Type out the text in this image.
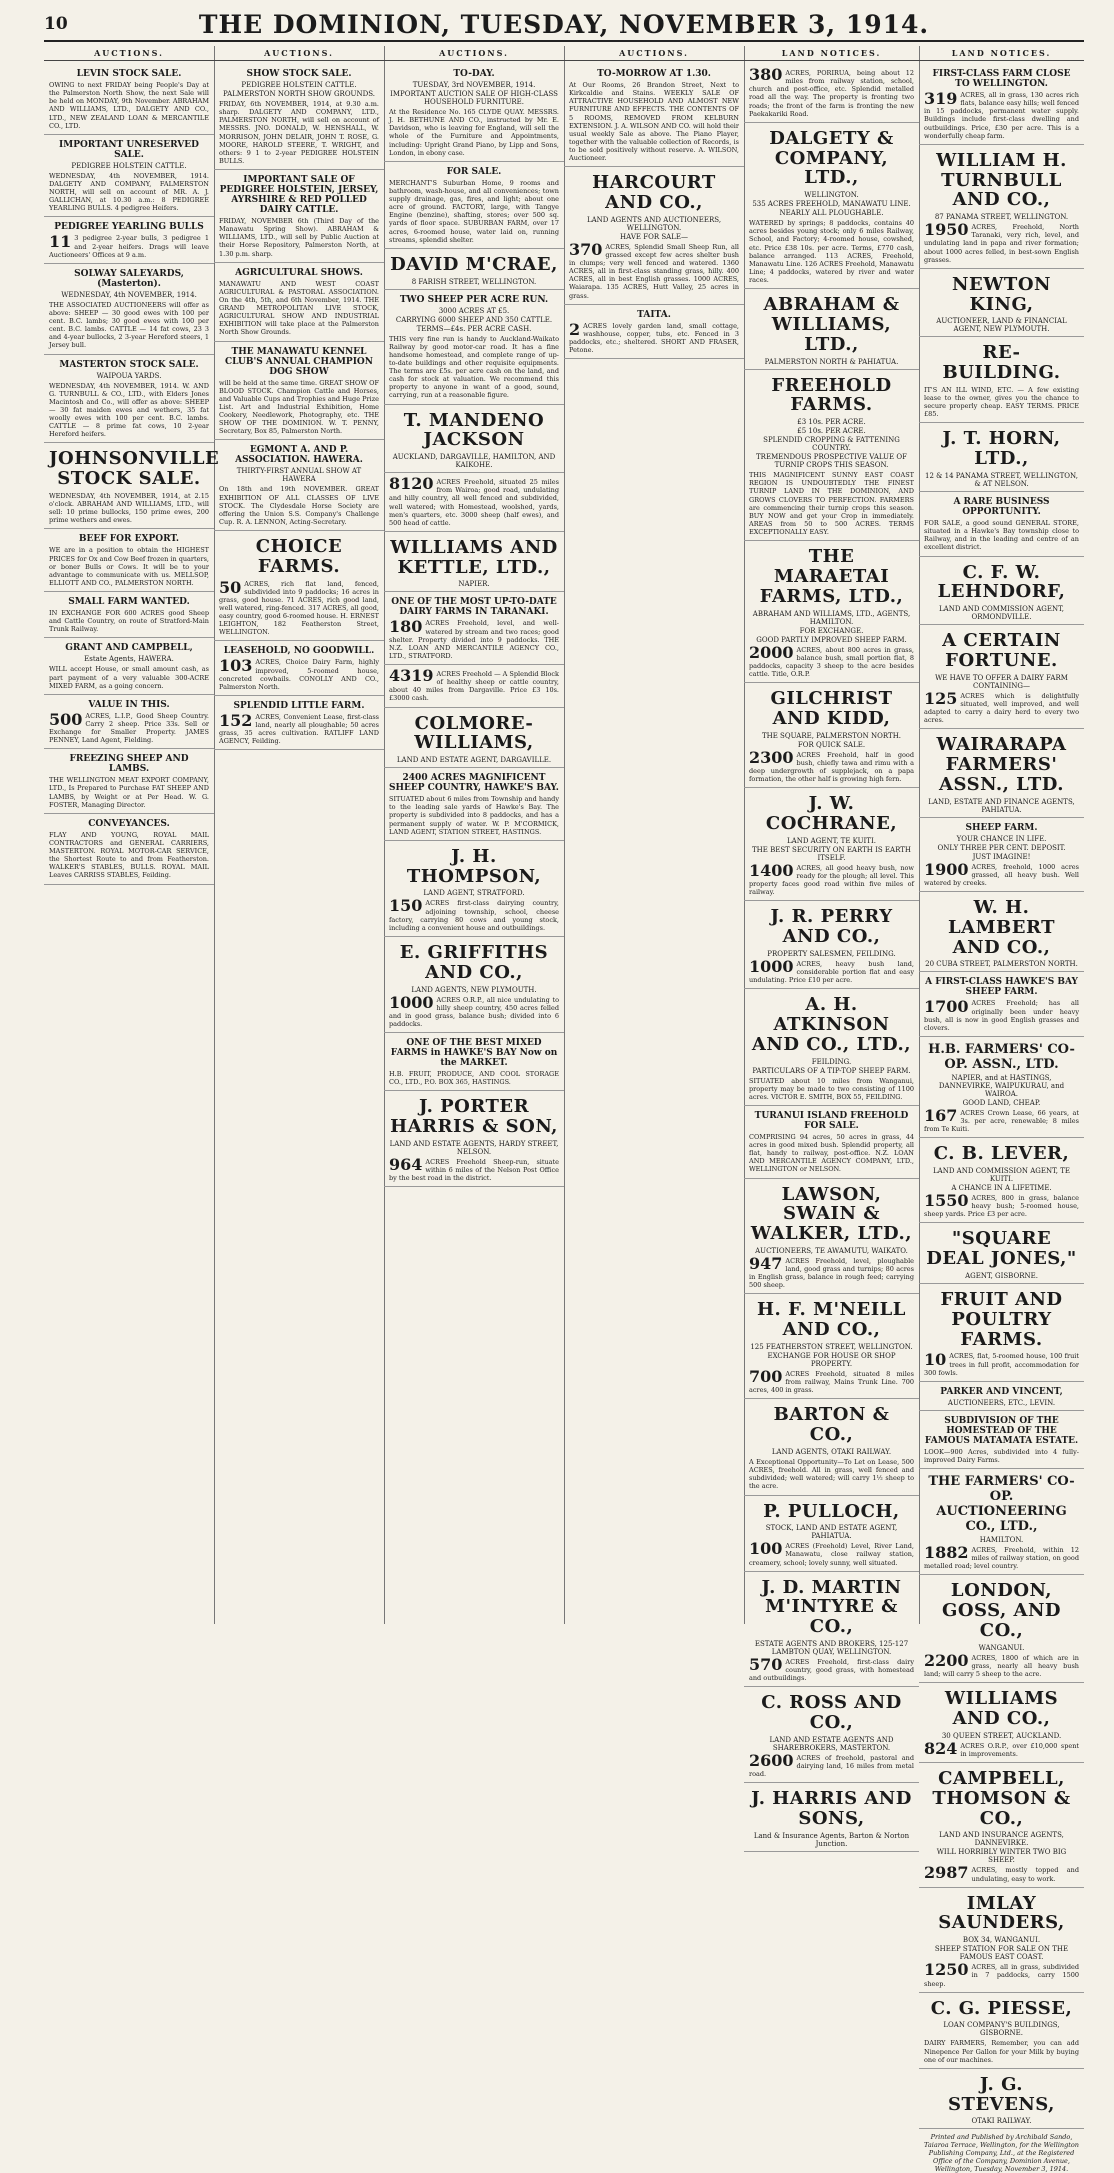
10	THE DOMINION, TUESDAY, NOVEMBER 3, 1914.
AUCTIONS.
LEVIN STOCK SALE.
OWING to next FRIDAY being People's Day at the Palmerston North Show, the next Sale will be held on MONDAY, 9th November. ABRAHAM AND WILLIAMS, LTD., DALGETY AND CO., LTD., NEW ZEALAND LOAN & MERCANTILE CO., LTD.
IMPORTANT UNRESERVED SALE.
PEDIGREE HOLSTEIN CATTLE.
WEDNESDAY, 4th NOVEMBER, 1914. DALGETY AND COMPANY, FALMERSTON NORTH, will sell on account of MR. A. J. GALLICHAN, at 10.30 a.m.: 8 PEDIGREE YEARLING BULLS. 4 pedigree Heifers.
PEDIGREE YEARLING BULLS
11 3 pedigree 2-year bulls, 3 pedigree 1 and 2-year heifers. Drags will leave Auctioneers' Offices at 9 a.m.
SOLWAY SALEYARDS, (Masterton).
WEDNESDAY, 4th NOVEMBER, 1914.
THE ASSOCIATED AUCTIONEERS will offer as above: SHEEP — 30 good ewes with 100 per cent. B.C. lambs; 30 good ewes with 100 per cent. B.C. lambs. CATTLE — 14 fat cows, 23 3 and 4-year bullocks, 2 3-year Hereford steers, 1 Jersey bull.
MASTERTON STOCK SALE.
WAIPOUA YARDS.
WEDNESDAY, 4th NOVEMBER, 1914. W. AND G. TURNBULL & CO., LTD., with Elders Jones Macintosh and Co., will offer as above: SHEEP — 30 fat maiden ewes and wethers, 35 fat woolly ewes with 100 per cent. B.C. lambs. CATTLE — 8 prime fat cows, 10 2-year Hereford heifers.
JOHNSONVILLE STOCK SALE.
WEDNESDAY, 4th NOVEMBER, 1914, at 2.15 o'clock. ABRAHAM AND WILLIAMS, LTD., will sell: 10 prime bullocks, 150 prime ewes, 200 prime wethers and ewes.
BEEF FOR EXPORT.
WE are in a position to obtain the HIGHEST PRICES for Ox and Cow Beef frozen in quarters, or boner Bulls or Cows. It will be to your advantage to communicate with us. MELLSOP, ELLIOTT AND CO., PALMERSTON NORTH.
SMALL FARM WANTED.
IN EXCHANGE FOR 600 ACRES good Sheep and Cattle Country, on route of Stratford-Main Trunk Railway.
GRANT AND CAMPBELL,
Estate Agents, HAWERA.
WILL accept House, or small amount cash, as part payment of a very valuable 300-ACRE MIXED FARM, as a going concern.
VALUE IN THIS.
500 ACRES, L.I.P., Good Sheep Country. Carry 2 sheep. Price 33s. Sell or Exchange for Smaller Property. JAMES PENNEY, Land Agent, Fielding.
FREEZING SHEEP AND LAMBS.
THE WELLINGTON MEAT EXPORT COMPANY, LTD., Is Prepared to Purchase FAT SHEEP AND LAMBS, by Weight or at Per Head. W. G. FOSTER, Managing Director.
CONVEYANCES.
FLAY AND YOUNG, ROYAL MAIL CONTRACTORS and GENERAL CARRIERS, MASTERTON. ROYAL MOTOR-CAR SERVICE, the Shortest Route to and from Featherston. WALKER'S STABLES, BULLS. ROYAL MAIL Leaves CARRISS STABLES, Feilding.
AUCTIONS.
SHOW STOCK SALE.
PEDIGREE HOLSTEIN CATTLE.
PALMERSTON NORTH SHOW GROUNDS.
FRIDAY, 6th NOVEMBER, 1914, at 9.30 a.m. sharp. DALGETY AND COMPANY, LTD., PALMERSTON NORTH, will sell on account of MESSRS. JNO. DONALD, W. HENSHALL, W. MORRISON, JOHN DELAIR, JOHN T. ROSE, G. MOORE, HAROLD STEERE, T. WRIGHT, and others: 9 1 to 2-year PEDIGREE HOLSTEIN BULLS.
IMPORTANT SALE OF PEDIGREE HOLSTEIN, JERSEY, AYRSHIRE & RED POLLED DAIRY CATTLE.
FRIDAY, NOVEMBER 6th (Third Day of the Manawatu Spring Show). ABRAHAM & WILLIAMS, LTD., will sell by Public Auction at their Horse Repository, Palmerston North, at 1.30 p.m. sharp.
AGRICULTURAL SHOWS.
MANAWATU AND WEST COAST AGRICULTURAL & PASTORAL ASSOCIATION. On the 4th, 5th, and 6th November, 1914. THE GRAND METROPOLITAN LIVE STOCK, AGRICULTURAL SHOW AND INDUSTRIAL EXHIBITION will take place at the Palmerston North Show Grounds.
THE MANAWATU KENNEL CLUB'S ANNUAL CHAMPION DOG SHOW
will be held at the same time. GREAT SHOW OF BLOOD STOCK. Champion Cattle and Horses, and Valuable Cups and Trophies and Huge Prize List. Art and Industrial Exhibition, Home Cookery, Needlework, Photography, etc. THE SHOW OF THE DOMINION. W. T. PENNY, Secretary, Box 85, Palmerston North.
EGMONT A. AND P. ASSOCIATION. HAWERA.
THIRTY-FIRST ANNUAL SHOW AT HAWERA
On 18th and 19th NOVEMBER. GREAT EXHIBITION OF ALL CLASSES OF LIVE STOCK. The Clydesdale Horse Society are offering the Union S.S. Company's Challenge Cup. R. A. LENNON, Acting-Secretary.
CHOICE FARMS.
50 ACRES, rich flat land, fenced, subdivided into 9 paddocks; 16 acres in grass, good house. 71 ACRES, rich good land, well watered, ring-fenced. 317 ACRES, all good, easy country, good 6-roomed house. H. ERNEST LEIGHTON, 182 Featherston Street, WELLINGTON.
LEASEHOLD, NO GOODWILL.
103 ACRES, Choice Dairy Farm, highly improved, 5-roomed house, concreted cowbails. CONOLLY AND CO., Palmerston North.
SPLENDID LITTLE FARM.
152 ACRES, Convenient Lease, first-class land, nearly all ploughable; 50 acres grass, 35 acres cultivation. RATLIFF LAND AGENCY, Feilding.
AUCTIONS.
TO-DAY.
TUESDAY, 3rd NOVEMBER, 1914.
IMPORTANT AUCTION SALE OF HIGH-CLASS HOUSEHOLD FURNITURE.
At the Residence No. 165 CLYDE QUAY. MESSRS. J. H. BETHUNE AND CO., instructed by Mr. E. Davidson, who is leaving for England, will sell the whole of the Furniture and Appointments, including: Upright Grand Piano, by Lipp and Sons, London, in ebony case.
FOR SALE.
MERCHANT'S Suburban Home, 9 rooms and bathroom, wash-house, and all conveniences; town supply drainage, gas, fires, and light; about one acre of ground. FACTORY, large, with Tangye Engine (benzine), shafting, stores; over 500 sq. yards of floor space. SUBURBAN FARM, over 17 acres, 6-roomed house, water laid on, running streams, splendid shelter.
DAVID M'CRAE,
8 FARISH STREET, WELLINGTON.
TWO SHEEP PER ACRE RUN.
3000 ACRES AT £5.
CARRYING 6000 SHEEP AND 350 CATTLE.
TERMS—£4s. PER ACRE CASH.
THIS very fine run is handy to Auckland-Waikato Railway by good motor-car road. It has a fine handsome homestead, and complete range of up-to-date buildings and other requisite equipments. The terms are £5s. per acre cash on the land, and cash for stock at valuation. We recommend this property to anyone in want of a good, sound, carrying, run at a reasonable figure.
T. MANDENO JACKSON
AUCKLAND, DARGAVILLE, HAMILTON, AND KAIKOHE.
8120 ACRES Freehold, situated 25 miles from Wairoa; good road, undulating and hilly country, all well fenced and subdivided, well watered; with Homestead, woolshed, yards, men's quarters, etc. 3000 sheep (half ewes), and 500 head of cattle.
WILLIAMS AND KETTLE, LTD.,
NAPIER.
ONE OF THE MOST UP-TO-DATE DAIRY FARMS IN TARANAKI.
180 ACRES Freehold, level, and well-watered by stream and two races; good shelter. Property divided into 9 paddocks. THE N.Z. LOAN AND MERCANTILE AGENCY CO., LTD., STRATFORD.
4319 ACRES Freehold — A Splendid Block of healthy sheep or cattle country, about 40 miles from Dargaville. Price £3 10s. £3000 cash.
COLMORE-WILLIAMS,
LAND AND ESTATE AGENT, DARGAVILLE.
2400 ACRES MAGNIFICENT SHEEP COUNTRY, HAWKE'S BAY.
SITUATED about 6 miles from Township and handy to the leading sale yards of Hawke's Bay. The property is subdivided into 8 paddocks, and has a permanent supply of water. W. P. M'CORMICK, LAND AGENT, STATION STREET, HASTINGS.
J. H. THOMPSON,
LAND AGENT, STRATFORD.
150 ACRES first-class dairying country, adjoining township, school, cheese factory, carrying 80 cows and young stock, including a convenient house and outbuildings.
E. GRIFFITHS AND CO.,
LAND AGENTS, NEW PLYMOUTH.
1000 ACRES O.R.P., all nice undulating to hilly sheep country, 450 acres felled and in good grass, balance bush; divided into 6 paddocks.
ONE OF THE BEST MIXED FARMS in HAWKE'S BAY Now on the MARKET.
H.B. FRUIT, PRODUCE, AND COOL STORAGE CO., LTD., P.O. BOX 365, HASTINGS.
J. PORTER HARRIS & SON,
LAND AND ESTATE AGENTS, HARDY STREET, NELSON.
964 ACRES Freehold Sheep-run, situate within 6 miles of the Nelson Post Office by the best road in the district.
AUCTIONS.
TO-MORROW AT 1.30.
At Our Rooms, 26 Brandon Street, Next to Kirkcaldie and Stains. WEEKLY SALE OF ATTRACTIVE HOUSEHOLD AND ALMOST NEW FURNITURE AND EFFECTS. THE CONTENTS OF 5 ROOMS, REMOVED FROM KELBURN EXTENSION. J. A. WILSON AND CO. will hold their usual weekly Sale as above. The Piano Player, together with the valuable collection of Records, is to be sold positively without reserve. A. WILSON, Auctioneer.
HARCOURT AND CO.,
LAND AGENTS AND AUCTIONEERS, WELLINGTON.
HAVE FOR SALE—
370 ACRES, Splendid Small Sheep Run, all grassed except few acres shelter bush in clumps; very well fenced and watered. 1360 ACRES, all in first-class standing grass, hilly. 400 ACRES, all in best English grasses. 1000 ACRES, Waiarapa. 135 ACRES, Hutt Valley, 25 acres in grass.
TAITA.
2 ACRES lovely garden land, small cottage, washhouse, copper, tubs, etc. Fenced in 3 paddocks, etc.; sheltered. SHORT AND FRASER, Petone.
LAND NOTICES.
380 ACRES, PORIRUA, being about 12 miles from railway station, school, church and post-office, etc. Splendid metalled road all the way. The property is fronting two roads; the front of the farm is fronting the new Paekakariki Road.
DALGETY & COMPANY, LTD.,
WELLINGTON.
535 ACRES FREEHOLD, MANAWATU LINE.
NEARLY ALL PLOUGHABLE.
WATERED by springs; 8 paddocks, contains 40 acres besides young stock; only 6 miles Railway, School, and Factory; 4-roomed house, cowshed, etc. Price £38 10s. per acre. Terms, £770 cash, balance arranged. 113 ACRES, Freehold, Manawatu Line. 126 ACRES Freehold, Manawatu Line; 4 paddocks, watered by river and water races.
ABRAHAM & WILLIAMS, LTD.,
PALMERSTON NORTH & PAHIATUA.
FREEHOLD FARMS.
£3 10s. PER ACRE.
£5 10s. PER ACRE.
SPLENDID CROPPING & FATTENING COUNTRY.
TREMENDOUS PROSPECTIVE VALUE OF TURNIP CROPS THIS SEASON.
THIS MAGNIFICENT SUNNY EAST COAST REGION IS UNDOUBTEDLY THE FINEST TURNIP LAND IN THE DOMINION, AND GROWS CLOVERS TO PERFECTION. FARMERS are commencing their turnip crops this season. BUY NOW and get your Crop in immediately. AREAS from 50 to 500 ACRES. TERMS EXCEPTIONALLY EASY.
THE MARAETAI FARMS, LTD.,
ABRAHAM AND WILLIAMS, LTD., AGENTS, HAMILTON.
FOR EXCHANGE.
GOOD PARTLY IMPROVED SHEEP FARM.
2000 ACRES, about 800 acres in grass, balance bush, small portion flat, 8 paddocks, capacity 3 sheep to the acre besides cattle. Title, O.R.P.
GILCHRIST AND KIDD,
THE SQUARE, PALMERSTON NORTH.
FOR QUICK SALE.
2300 ACRES Freehold, half in good bush, chiefly tawa and rimu with a deep undergrowth of supplejack, on a papa formation, the other half is growing high fern.
J. W. COCHRANE,
LAND AGENT, TE KUITI.
THE BEST SECURITY ON EARTH IS EARTH ITSELF.
1400 ACRES, all good heavy bush, now ready for the plough; all level. This property faces good road within five miles of railway.
J. R. PERRY AND CO.,
PROPERTY SALESMEN, FEILDING.
1000 ACRES, heavy bush land, considerable portion flat and easy undulating. Price £10 per acre.
A. H. ATKINSON AND CO., LTD.,
FEILDING.
PARTICULARS OF A TIP-TOP SHEEP FARM.
SITUATED about 10 miles from Wanganui, property may be made to two consisting of 1100 acres. VICTOR E. SMITH, BOX 55, FEILDING.
TURANUI ISLAND FREEHOLD FOR SALE.
COMPRISING 94 acres, 50 acres in grass, 44 acres in good mixed bush. Splendid property, all flat, handy to railway, post-office. N.Z. LOAN AND MERCANTILE AGENCY COMPANY, LTD., WELLINGTON or NELSON.
LAWSON, SWAIN & WALKER, LTD.,
AUCTIONEERS, TE AWAMUTU, WAIKATO.
947 ACRES Freehold, level, ploughable land, good grass and turnips; 80 acres in English grass, balance in rough feed; carrying 500 sheep.
H. F. M'NEILL AND CO.,
125 FEATHERSTON STREET, WELLINGTON.
EXCHANGE FOR HOUSE OR SHOP PROPERTY.
700 ACRES Freehold, situated 8 miles from railway, Mains Trunk Line. 700 acres, 400 in grass.
BARTON & CO.,
LAND AGENTS, OTAKI RAILWAY.
A Exceptional Opportunity—To Let on Lease, 500 ACRES, freehold. All in grass, well fenced and subdivided; well watered; will carry 1½ sheep to the acre.
P. PULLOCH,
STOCK, LAND AND ESTATE AGENT, PAHIATUA.
100 ACRES (Freehold) Level, River Land, Manawatu, close railway station, creamery, school; lovely sunny, well situated.
J. D. MARTIN M'INTYRE & CO.,
ESTATE AGENTS AND BROKERS, 125-127 LAMBTON QUAY, WELLINGTON.
570 ACRES Freehold, first-class dairy country, good grass, with homestead and outbuildings.
C. ROSS AND CO.,
LAND AND ESTATE AGENTS AND SHAREBROKERS, MASTERTON.
2600 ACRES of freehold, pastoral and dairying land, 16 miles from metal road.
J. HARRIS AND SONS,
Land & Insurance Agents, Barton & Norton Junction.
LAND NOTICES.
FIRST-CLASS FARM CLOSE TO WELLINGTON.
319 ACRES, all in grass, 130 acres rich flats, balance easy hills; well fenced in 15 paddocks, permanent water supply. Buildings include first-class dwelling and outbuildings. Price, £30 per acre. This is a wonderfully cheap farm.
WILLIAM H. TURNBULL AND CO.,
87 PANAMA STREET, WELLINGTON.
1950 ACRES, Freehold, North Taranaki, very rich, level, and undulating land in papa and river formation; about 1000 acres felled, in best-sown English grasses.
NEWTON KING,
AUCTIONEER, LAND & FINANCIAL AGENT, NEW PLYMOUTH.
RE-BUILDING.
IT'S AN ILL WIND, ETC. — A few existing lease to the owner, gives you the chance to secure properly cheap. EASY TERMS. PRICE £85.
J. T. HORN, LTD.,
12 & 14 PANAMA STREET, WELLINGTON, & AT NELSON.
A RARE BUSINESS OPPORTUNITY.
FOR SALE, a good sound GENERAL STORE, situated in a Hawke's Bay township close to Railway, and in the leading and centre of an excellent district.
C. F. W. LEHNDORF,
LAND AND COMMISSION AGENT, ORMONDVILLE.
A CERTAIN FORTUNE.
WE HAVE TO OFFER A DAIRY FARM CONTAINING—
125 ACRES which is delightfully situated, well improved, and well adapted to carry a dairy herd to every two acres.
WAIRARAPA FARMERS' ASSN., LTD.
LAND, ESTATE AND FINANCE AGENTS, PAHIATUA.
SHEEP FARM.
YOUR CHANCE IN LIFE.
ONLY THREE PER CENT. DEPOSIT.
JUST IMAGINE!
1900 ACRES, freehold, 1000 acres grassed, all heavy bush. Well watered by creeks.
W. H. LAMBERT AND CO.,
20 CUBA STREET, PALMERSTON NORTH.
A FIRST-CLASS HAWKE'S BAY SHEEP FARM.
1700 ACRES Freehold; has all originally been under heavy bush, all is now in good English grasses and clovers.
H.B. FARMERS' CO-OP. ASSN., LTD.
NAPIER, and at HASTINGS, DANNEVIRKE, WAIPUKURAU, and WAIROA.
GOOD LAND, CHEAP.
167 ACRES Crown Lease, 66 years, at 3s. per acre, renewable; 8 miles from Te Kuiti.
C. B. LEVER,
LAND AND COMMISSION AGENT, TE KUITI.
A CHANCE IN A LIFETIME.
1550 ACRES, 800 in grass, balance heavy bush; 5-roomed house, sheep yards. Price £3 per acre.
"SQUARE DEAL JONES,"
AGENT, GISBORNE.
FRUIT AND POULTRY FARMS.
10 ACRES, flat, 5-roomed house, 100 fruit trees in full profit, accommodation for 300 fowls.
PARKER AND VINCENT,
AUCTIONEERS, ETC., LEVIN.
SUBDIVISION OF THE HOMESTEAD OF THE FAMOUS MATAMATA ESTATE.
LOOK—900 Acres, subdivided into 4 fully-improved Dairy Farms.
THE FARMERS' CO-OP. AUCTIONEERING CO., LTD.,
HAMILTON.
1882 ACRES, Freehold, within 12 miles of railway station, on good metalled road; level country.
LONDON, GOSS, AND CO.,
WANGANUI.
2200 ACRES, 1800 of which are in grass, nearly all heavy bush land; will carry 5 sheep to the acre.
WILLIAMS AND CO.,
30 QUEEN STREET, AUCKLAND.
824 ACRES O.R.P., over £10,000 spent in improvements.
CAMPBELL, THOMSON & CO.,
LAND AND INSURANCE AGENTS, DANNEVIRKE.
WILL HORRIBLY WINTER TWO BIG SHEEP.
2987 ACRES, mostly topped and undulating, easy to work.
IMLAY SAUNDERS,
BOX 34, WANGANUI.
SHEEP STATION FOR SALE ON THE FAMOUS EAST COAST.
1250 ACRES, all in grass, subdivided in 7 paddocks, carry 1500 sheep.
C. G. PIESSE,
LOAN COMPANY'S BUILDINGS, GISBORNE.
DAIRY FARMERS, Remember, you can add Ninepence Per Gallon for your Milk by buying one of our machines.
J. G. STEVENS,
OTAKI RAILWAY.
Printed and Published by Archibald Sando, Taiaroa Terrace, Wellington, for the Wellington Publishing Company, Ltd., at the Registered Office of the Company, Dominion Avenue, Wellington, Tuesday, November 3, 1914.
